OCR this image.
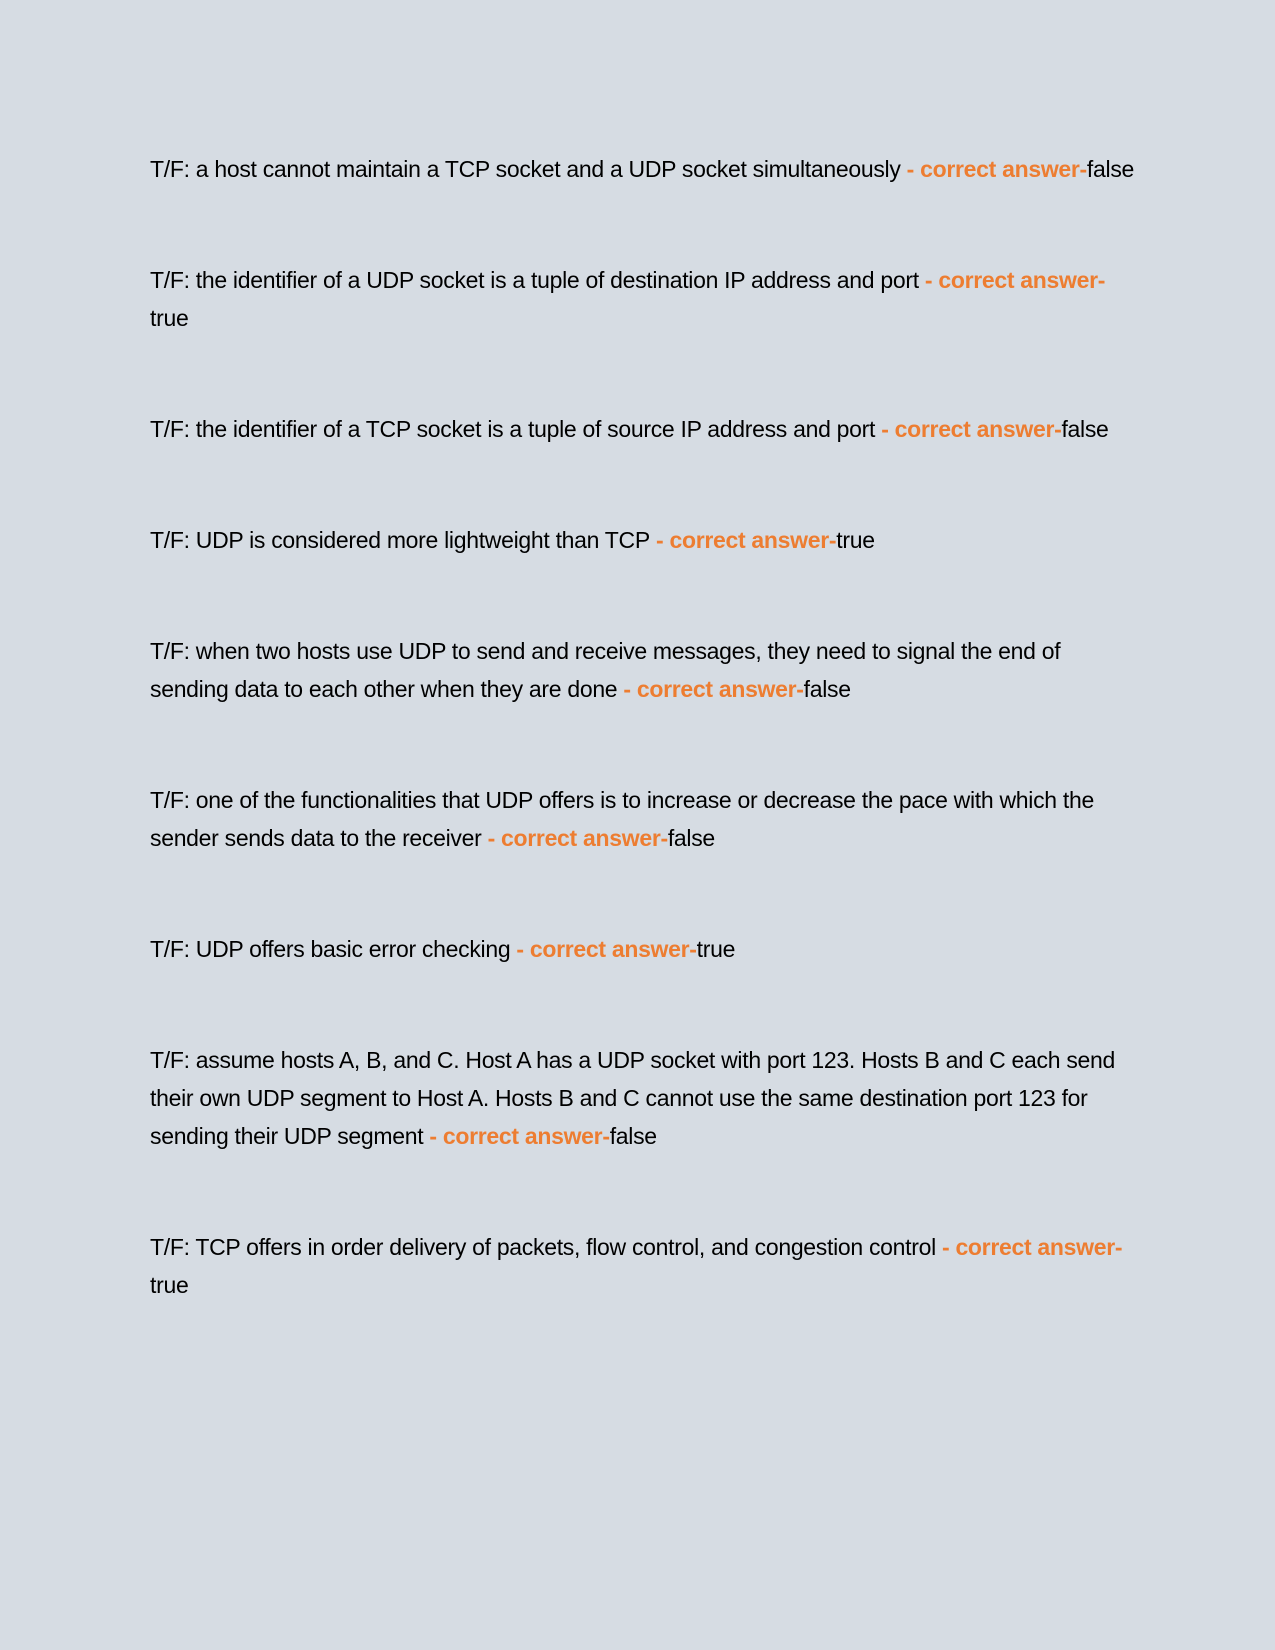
T/F: a host cannot maintain a TCP socket and a UDP socket simultaneously - correct answer-false

T/F: the identifier of a UDP socket is a tuple of destination IP address and port - correct answer-true

T/F: the identifier of a TCP socket is a tuple of source IP address and port - correct answer-false

T/F: UDP is considered more lightweight than TCP - correct answer-true

T/F: when two hosts use UDP to send and receive messages, they need to signal the end of sending data to each other when they are done - correct answer-false

T/F: one of the functionalities that UDP offers is to increase or decrease the pace with which the sender sends data to the receiver - correct answer-false

T/F: UDP offers basic error checking - correct answer-true

T/F: assume hosts A, B, and C. Host A has a UDP socket with port 123. Hosts B and C each send their own UDP segment to Host A. Hosts B and C cannot use the same destination port 123 for sending their UDP segment - correct answer-false

T/F: TCP offers in order delivery of packets, flow control, and congestion control - correct answer-true
